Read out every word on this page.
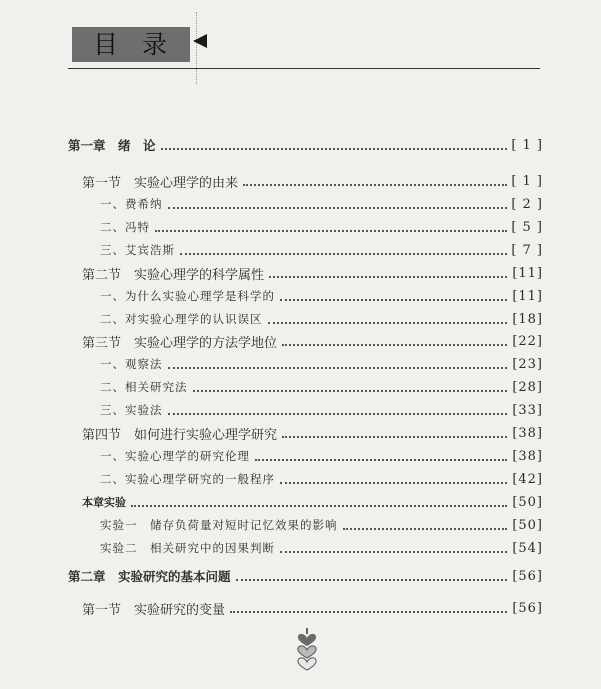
目 录
第一章　绪　论	[ 1 ]
第一节　实验心理学的由来	[ 1 ]
一、费希纳	[ 2 ]
二、冯特	[ 5 ]
三、艾宾浩斯	[ 7 ]
第二节　实验心理学的科学属性	[11]
一、为什么实验心理学是科学的	[11]
二、对实验心理学的认识误区	[18]
第三节　实验心理学的方法学地位	[22]
一、观察法	[23]
二、相关研究法	[28]
三、实验法	[33]
第四节　如何进行实验心理学研究	[38]
一、实验心理学的研究伦理	[38]
二、实验心理学研究的一般程序	[42]
本章实验	[50]
实验一　储存负荷量对短时记忆效果的影响	[50]
实验二　相关研究中的因果判断	[54]
第二章　实验研究的基本问题	[56]
第一节　实验研究的变量	[56]
